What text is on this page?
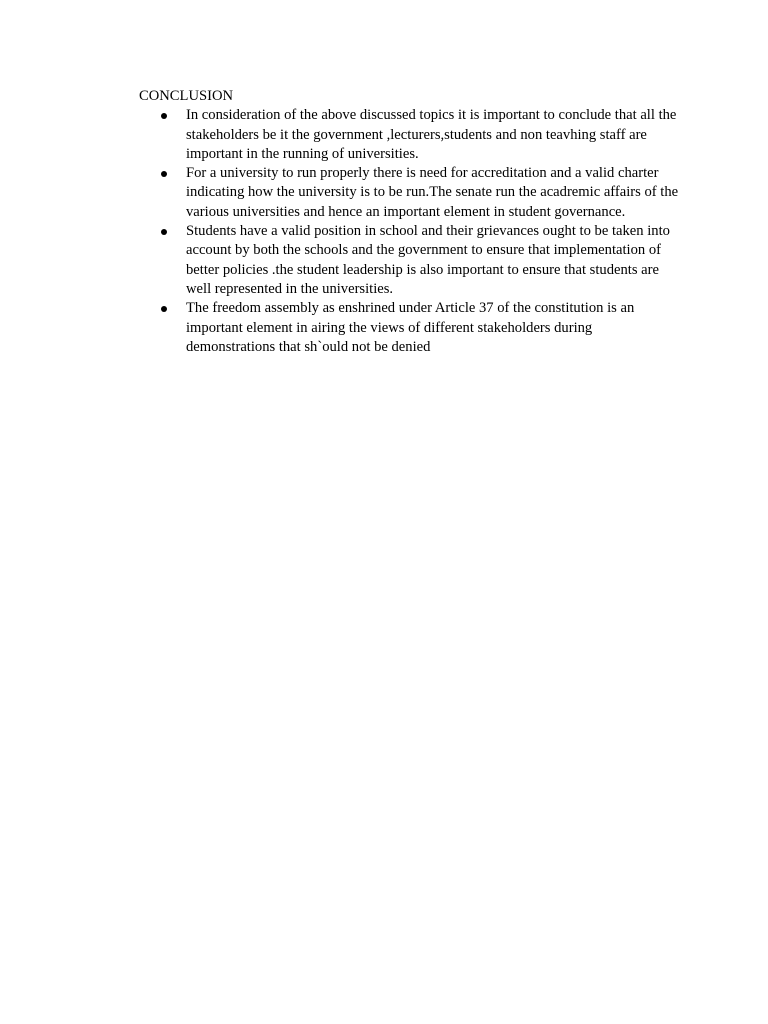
CONCLUSION

In consideration of the above discussed topics it is important to conclude that all the stakeholders be it the government ,lecturers,students and non teavhing staff are important in the running of universities.
For a university to run properly there is need for accreditation and a valid charter indicating how the university is to be run.The senate run the acadremic affairs of the various universities and hence an important element in student governance.
Students have a valid position in school and their grievances ought to be taken into account by both the schools and the government to ensure that implementation of better policies .the student leadership is also important to ensure that students are well represented in the universities.
The freedom assembly as enshrined under Article 37 of the constitution is an important element in airing the views of different stakeholders during demonstrations that sh`ould not be denied
